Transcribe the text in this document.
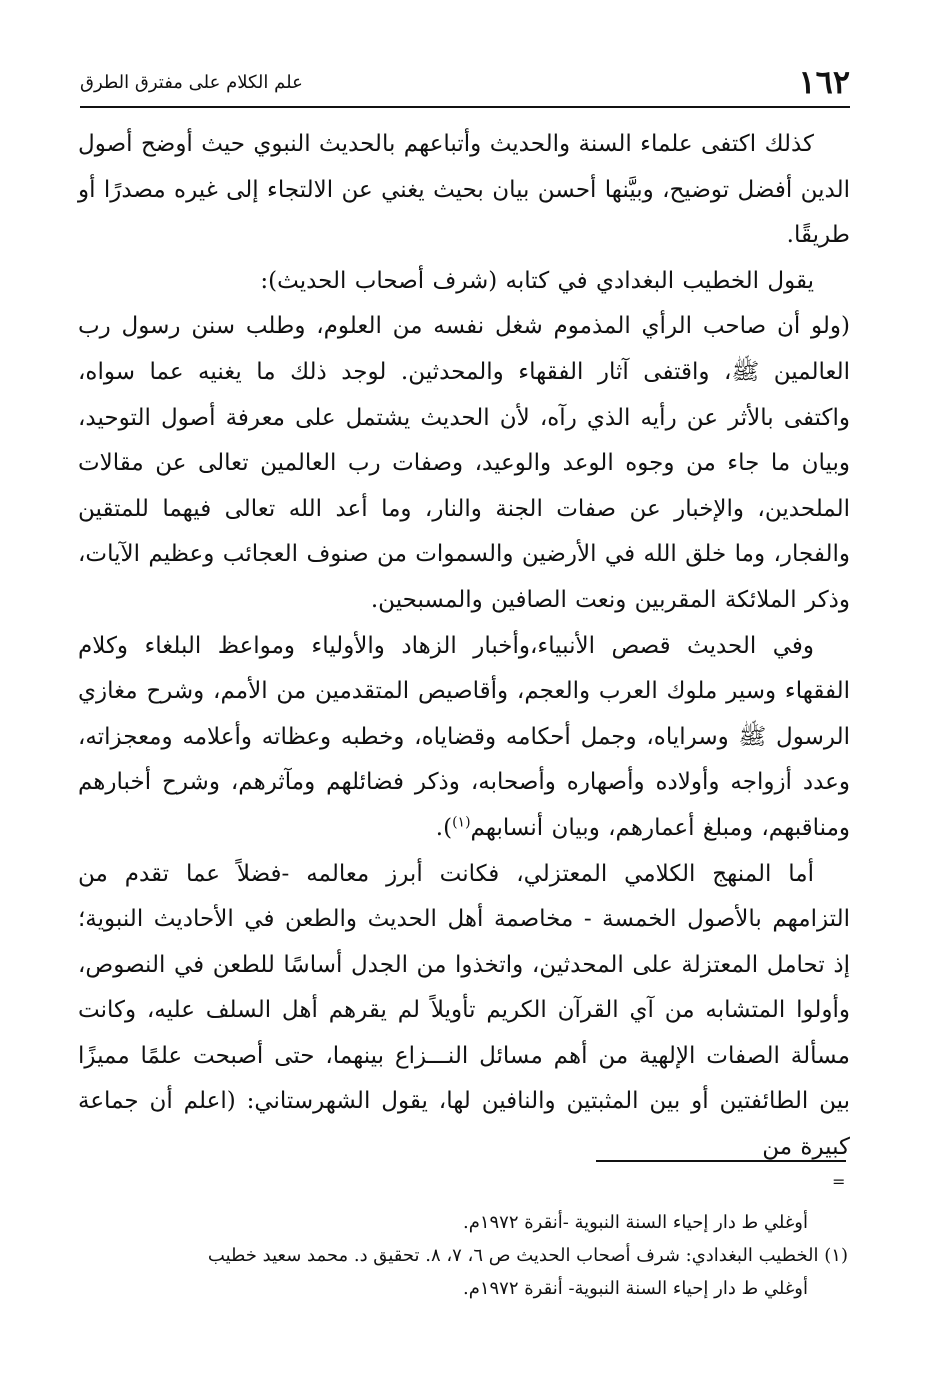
١٦٢
علم الكلام على مفترق الطرق

كذلك اكتفى علماء السنة والحديث وأتباعهم بالحديث النبوي حيث أوضح أصول الدين أفضل توضيح، وبيَّنها أحسن بيان بحيث يغني عن الالتجاء إلى غيره مصدرًا أو طريقًا.

يقول الخطيب البغدادي في كتابه (شرف أصحاب الحديث):

(ولو أن صاحب الرأي المذموم شغل نفسه من العلوم، وطلب سنن رسول رب العالمين ﷺ، واقتفى آثار الفقهاء والمحدثين. لوجد ذلك ما يغنيه عما سواه، واكتفى بالأثر عن رأيه الذي رآه، لأن الحديث يشتمل على معرفة أصول التوحيد، وبيان ما جاء من وجوه الوعد والوعيد، وصفات رب العالمين تعالى عن مقالات الملحدين، والإخبار عن صفات الجنة والنار، وما أعد الله تعالى فيهما للمتقين والفجار، وما خلق الله في الأرضين والسموات من صنوف العجائب وعظيم الآيات، وذكر الملائكة المقربين ونعت الصافين والمسبحين.

وفي الحديث قصص الأنبياء،وأخبار الزهاد والأولياء ومواعظ البلغاء وكلام الفقهاء وسير ملوك العرب والعجم، وأقاصيص المتقدمين من الأمم، وشرح مغازي الرسول ﷺ وسراياه، وجمل أحكامه وقضاياه، وخطبه وعظاته وأعلامه ومعجزاته، وعدد أزواجه وأولاده وأصهاره وأصحابه، وذكر فضائلهم ومآثرهم، وشرح أخبارهم ومناقبهم، ومبلغ أعمارهم، وبيان أنسابهم$^{(١)}$).

أما المنهج الكلامي المعتزلي، فكانت أبرز معالمه -فضلاً عما تقدم من التزامهم بالأصول الخمسة - مخاصمة أهل الحديث والطعن في الأحاديث النبوية؛ إذ تحامل المعتزلة على المحدثين، واتخذوا من الجدل أساسًا للطعن في النصوص، وأولوا المتشابه من آي القرآن الكريم تأويلاً لم يقرهم أهل السلف عليه، وكانت مسألة الصفات الإلهية من أهم مسائل النـــزاع بينهما، حتى أصبحت علمًا مميزًا بين الطائفتين أو بين المثبتين والنافين لها، يقول الشهرستاني: (اعلم أن جماعة كبيرة من

=

أوغلي ط دار إحياء السنة النبوية -أنقرة ١٩٧٢م.

(١) الخطيب البغدادي: شرف أصحاب الحديث ص ٦، ٧، ٨. تحقيق د. محمد سعيد خطيب

أوغلي ط دار إحياء السنة النبوية- أنقرة ١٩٧٢م.
